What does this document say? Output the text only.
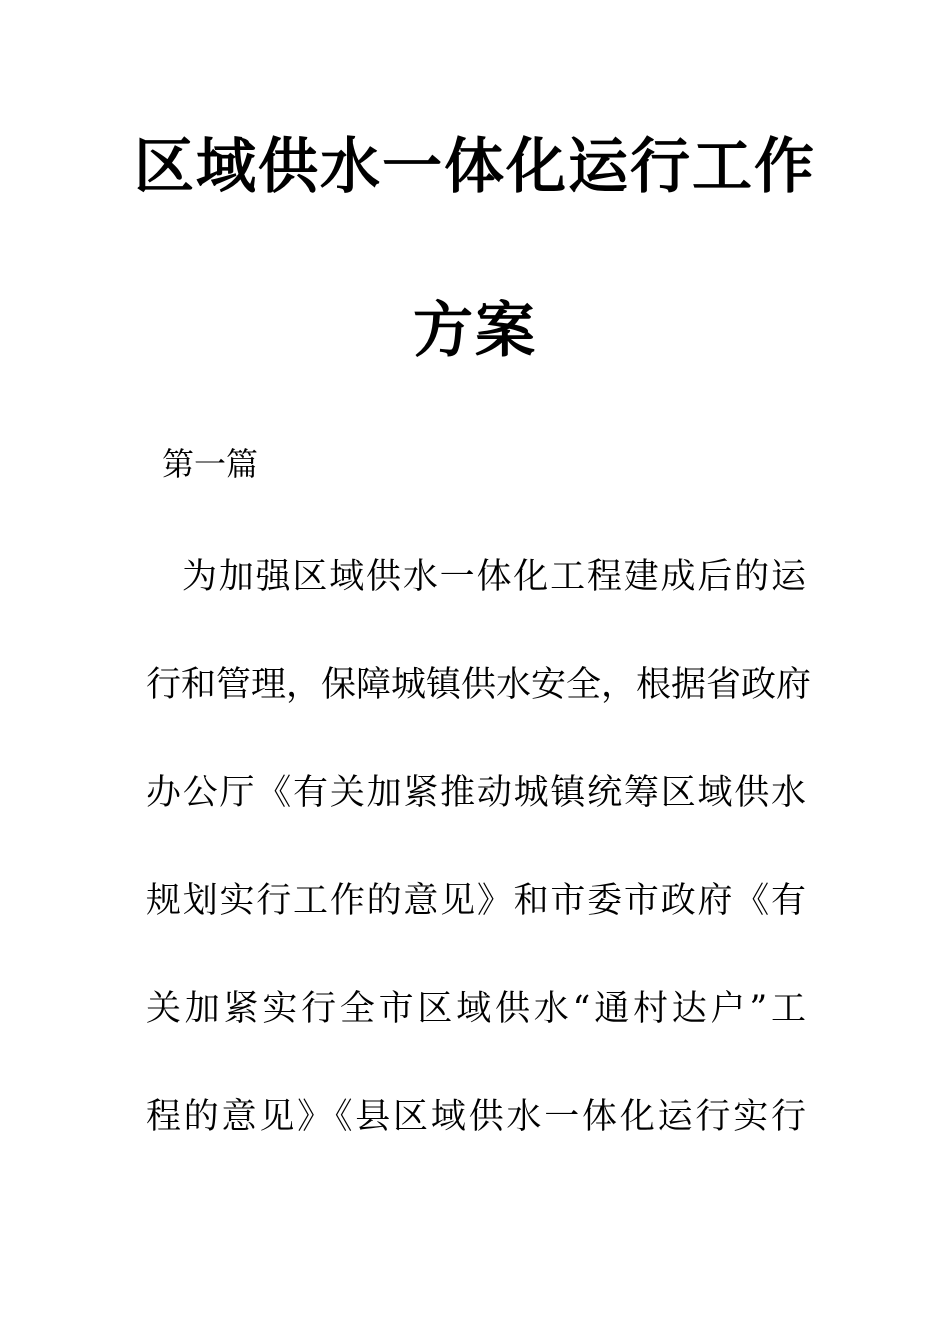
区域供水一体化运行工作
方案
第一篇
为加强区域供水一体化工程建成后的运
行和管理，保障城镇供水安全，根据省政府
办公厅《有关加紧推动城镇统筹区域供水
规划实行工作的意见》和市委市政府《有
关加紧实行全市区域供水“通村达户”工
程的意见》《县区域供水一体化运行实行
